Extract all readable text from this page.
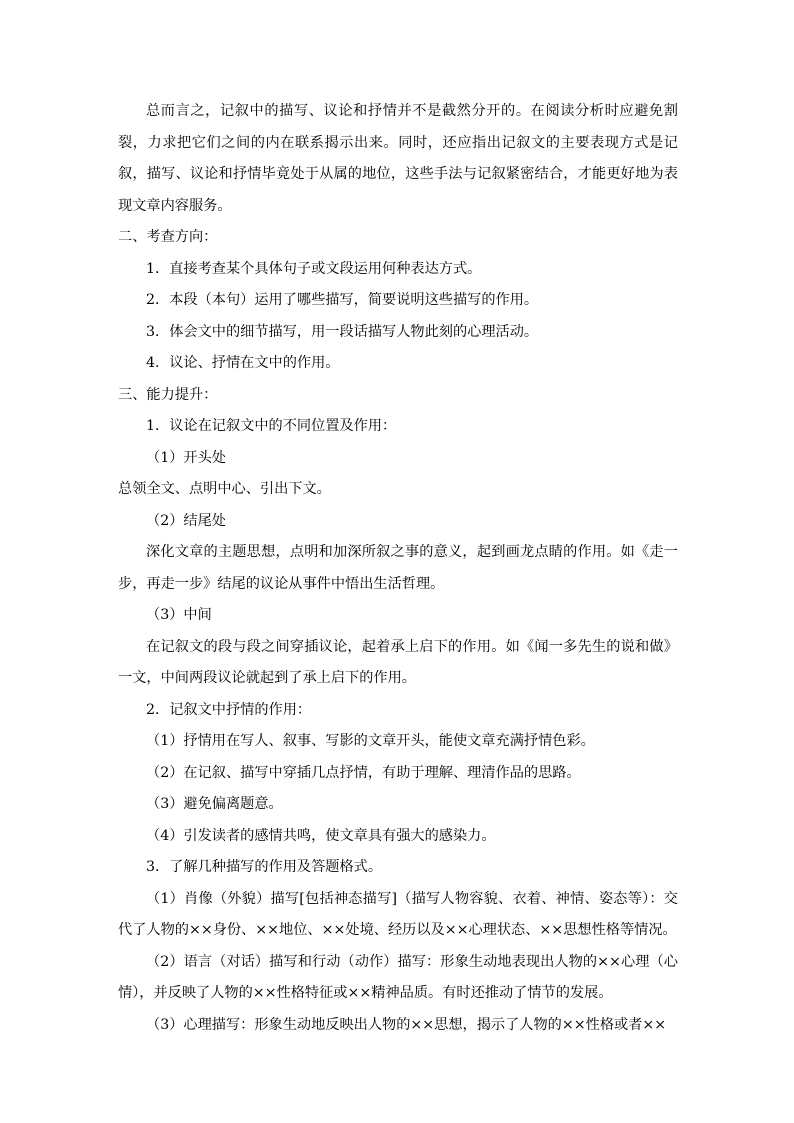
总而言之，记叙中的描写、议论和抒情并不是截然分开的。在阅读分析时应避免割裂，力求把它们之间的内在联系揭示出来。同时，还应指出记叙文的主要表现方式是记叙，描写、议论和抒情毕竟处于从属的地位，这些手法与记叙紧密结合，才能更好地为表现文章内容服务。

二、考查方向：

1．直接考查某个具体句子或文段运用何种表达方式。

2．本段（本句）运用了哪些描写，简要说明这些描写的作用。

3．体会文中的细节描写，用一段话描写人物此刻的心理活动。

4．议论、抒情在文中的作用。

三、能力提升：

1．议论在记叙文中的不同位置及作用：

（1）开头处

总领全文、点明中心、引出下文。

（2）结尾处

深化文章的主题思想，点明和加深所叙之事的意义，起到画龙点睛的作用。如《走一步，再走一步》结尾的议论从事件中悟出生活哲理。

（3）中间

在记叙文的段与段之间穿插议论，起着承上启下的作用。如《闻一多先生的说和做》一文，中间两段议论就起到了承上启下的作用。

2．记叙文中抒情的作用：

（1）抒情用在写人、叙事、写影的文章开头，能使文章充满抒情色彩。

（2）在记叙、描写中穿插几点抒情，有助于理解、理清作品的思路。

（3）避免偏离题意。

（4）引发读者的感情共鸣，使文章具有强大的感染力。

3．了解几种描写的作用及答题格式。

（1）肖像（外貌）描写[包括神态描写]（描写人物容貌、衣着、神情、姿态等）：交代了人物的××身份、××地位、××处境、经历以及××心理状态、××思想性格等情况。

（2）语言（对话）描写和行动（动作）描写：形象生动地表现出人物的××心理（心情），并反映了人物的××性格特征或××精神品质。有时还推动了情节的发展。

（3）心理描写：形象生动地反映出人物的××思想，揭示了人物的××性格或者××
